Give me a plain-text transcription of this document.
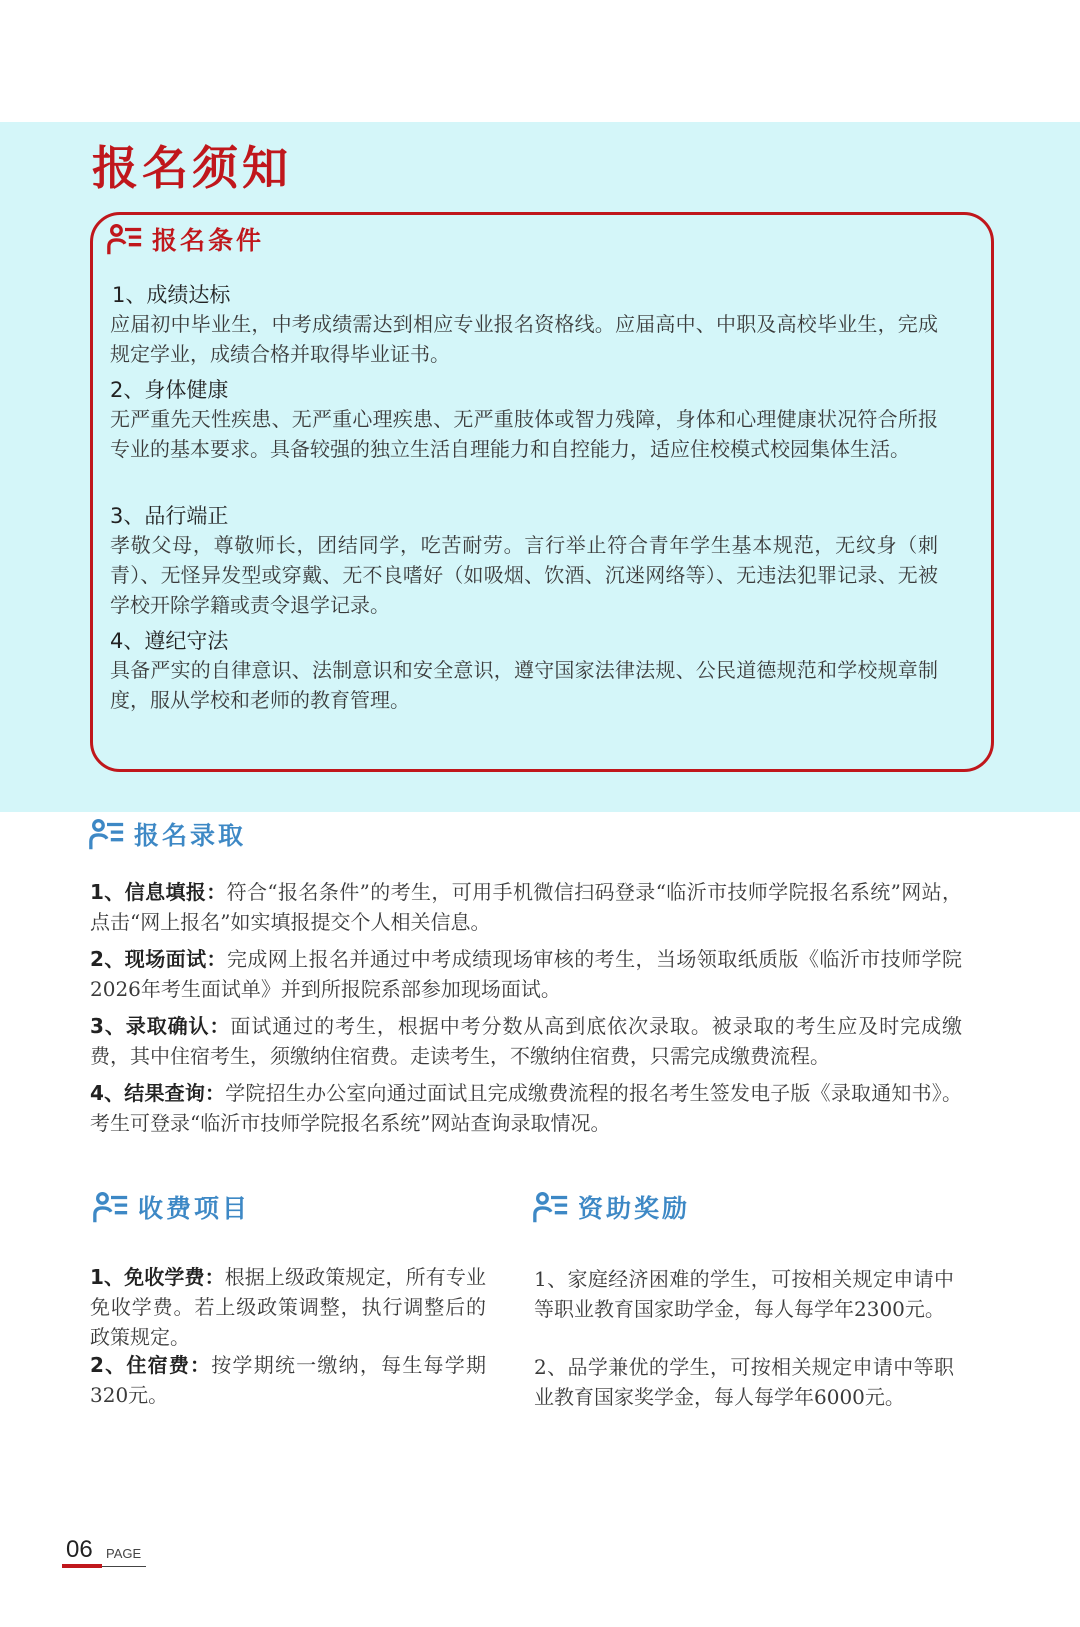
报名须知
报名条件

1、成绩达标

应届初中毕业生，中考成绩需达到相应专业报名资格线。应届高中、中职及高校毕业生，完成规定学业，成绩合格并取得毕业证书。

2、身体健康

无严重先天性疾患、无严重心理疾患、无严重肢体或智力残障，身体和心理健康状况符合所报专业的基本要求。具备较强的独立生活自理能力和自控能力，适应住校模式校园集体生活。

3、品行端正

孝敬父母，尊敬师长，团结同学，吃苦耐劳。言行举止符合青年学生基本规范，无纹身（刺青）、无怪异发型或穿戴、无不良嗜好（如吸烟、饮酒、沉迷网络等）、无违法犯罪记录、无被学校开除学籍或责令退学记录。

4、遵纪守法

具备严实的自律意识、法制意识和安全意识，遵守国家法律法规、公民道德规范和学校规章制度，服从学校和老师的教育管理。

报名录取

1、信息填报：符合“报名条件”的考生，可用手机微信扫码登录“临沂市技师学院报名系统”网站，点击“网上报名”如实填报提交个人相关信息。

2、现场面试：完成网上报名并通过中考成绩现场审核的考生，当场领取纸质版《临沂市技师学院2026年考生面试单》并到所报院系部参加现场面试。

3、录取确认：面试通过的考生，根据中考分数从高到底依次录取。被录取的考生应及时完成缴费，其中住宿考生，须缴纳住宿费。走读考生，不缴纳住宿费，只需完成缴费流程。

4、结果查询：学院招生办公室向通过面试且完成缴费流程的报名考生签发电子版《录取通知书》。考生可登录“临沂市技师学院报名系统”网站查询录取情况。

收费项目

1、免收学费：根据上级政策规定，所有专业免收学费。若上级政策调整，执行调整后的政策规定。

2、住宿费：按学期统一缴纳，每生每学期320元。

资助奖励

1、家庭经济困难的学生，可按相关规定申请中等职业教育国家助学金，每人每学年2300元。

2、品学兼优的学生，可按相关规定申请中等职业教育国家奖学金，每人每学年6000元。

06 PAGE
